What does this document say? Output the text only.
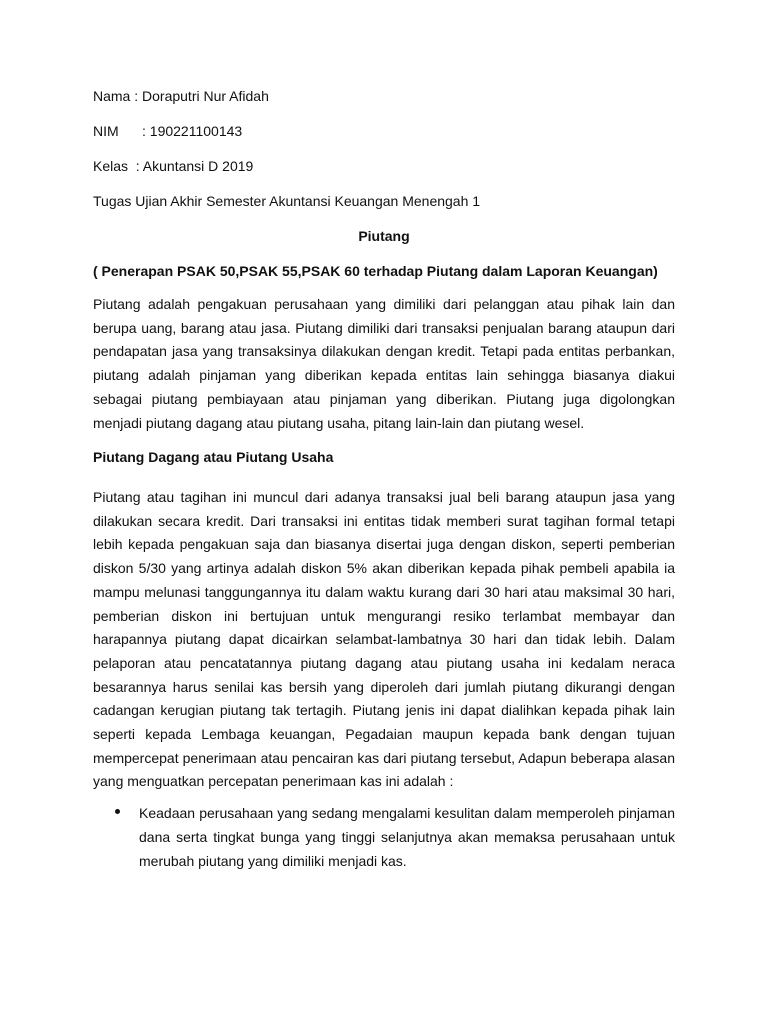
Nama : Doraputri Nur Afidah
NIM      : 190221100143
Kelas  : Akuntansi D 2019
Tugas Ujian Akhir Semester Akuntansi Keuangan Menengah 1
Piutang
( Penerapan PSAK 50,PSAK 55,PSAK 60 terhadap Piutang dalam Laporan Keuangan)

Piutang adalah pengakuan perusahaan yang dimiliki dari pelanggan atau pihak lain dan berupa uang, barang atau jasa. Piutang dimiliki dari transaksi penjualan barang ataupun dari pendapatan jasa yang transaksinya dilakukan dengan kredit. Tetapi pada entitas perbankan, piutang adalah pinjaman yang diberikan kepada entitas lain sehingga biasanya diakui sebagai piutang pembiayaan atau pinjaman yang diberikan. Piutang juga digolongkan menjadi piutang dagang atau piutang usaha, pitang lain-lain dan piutang wesel.

Piutang Dagang atau Piutang Usaha

Piutang atau tagihan ini muncul dari adanya transaksi jual beli barang ataupun jasa yang dilakukan secara kredit. Dari transaksi ini entitas tidak memberi surat tagihan formal tetapi lebih kepada pengakuan saja dan biasanya disertai juga dengan diskon, seperti pemberian diskon 5/30 yang artinya adalah diskon 5% akan diberikan kepada pihak pembeli apabila ia mampu melunasi tanggungannya itu dalam waktu kurang dari 30 hari atau maksimal 30 hari, pemberian diskon ini bertujuan untuk mengurangi resiko terlambat membayar dan harapannya piutang dapat dicairkan selambat-lambatnya 30 hari dan tidak lebih. Dalam pelaporan atau pencatatannya piutang dagang atau piutang usaha ini kedalam neraca besarannya harus senilai kas bersih yang diperoleh dari jumlah piutang dikurangi dengan cadangan kerugian piutang tak tertagih. Piutang jenis ini dapat dialihkan kepada pihak lain seperti kepada Lembaga keuangan, Pegadaian maupun kepada bank dengan tujuan mempercepat penerimaan atau pencairan kas dari piutang tersebut, Adapun beberapa alasan yang menguatkan percepatan penerimaan kas ini adalah :

Keadaan perusahaan yang sedang mengalami kesulitan dalam memperoleh pinjaman dana serta tingkat bunga yang tinggi selanjutnya akan memaksa perusahaan untuk merubah piutang yang dimiliki menjadi kas.
